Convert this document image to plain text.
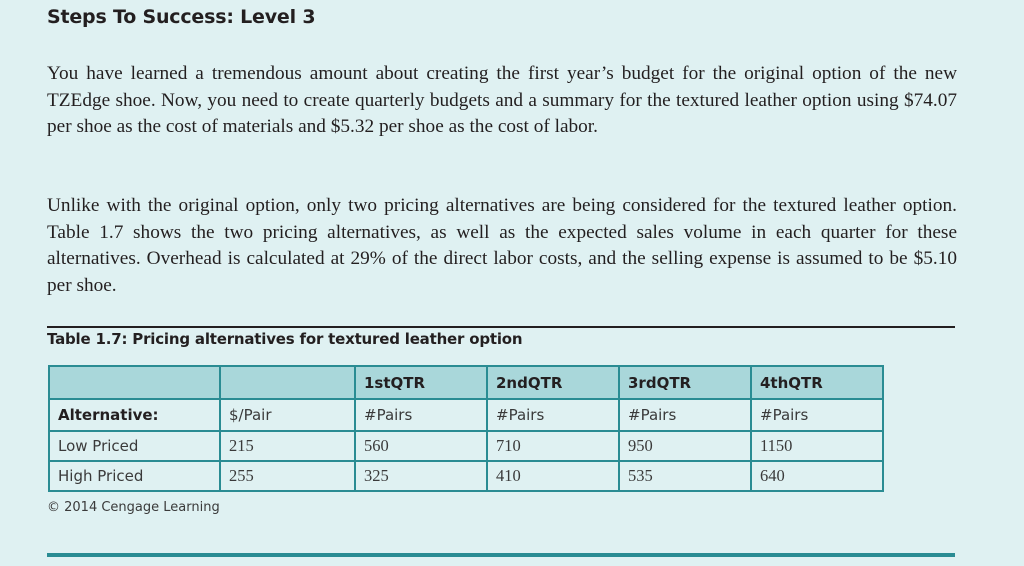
Steps To Success: Level 3

You have learned a tremendous amount about creating the first year’s budget for the original option of the new TZEdge shoe. Now, you need to create quarterly budgets and a summary for the textured leather option using $74.07 per shoe as the cost of materials and $5.32 per shoe as the cost of labor.

Unlike with the original option, only two pricing alternatives are being considered for the textured leather option. Table 1.7 shows the two pricing alternatives, as well as the expected sales volume in each quarter for these alternatives. Overhead is calculated at 29% of the direct labor costs, and the selling expense is assumed to be $5.10 per shoe.

Table 1.7: Pricing alternatives for textured leather option
		1stQTR	2ndQTR	3rdQTR	4thQTR
Alternative:	$/Pair	#Pairs	#Pairs	#Pairs	#Pairs
Low Priced	215	560	710	950	1150
High Priced	255	325	410	535	640
© 2014 Cengage Learning
